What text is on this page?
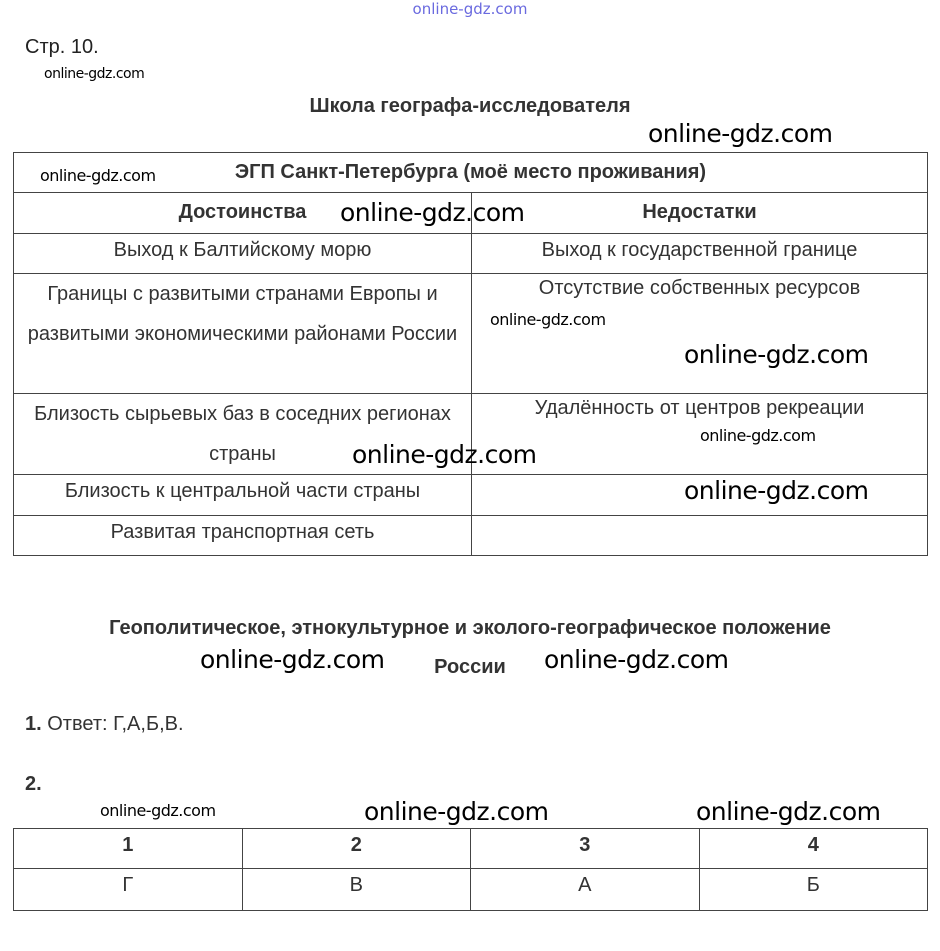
online-gdz.com
Стр. 10.
online-gdz.com
Школа географа-исследователя
ЭГП Санкт-Петербурга (моё место проживания)	
Достоинства	Недостатки
Выход к Балтийскому морю	Выход к государственной границе
Границы с развитыми странами Европы и развитыми экономическими районами России	Отсутствие собственных ресурсов
Близость сырьевых баз в соседних регионах страны	Удалённость от центров рекреации
Близость к центральной части страны	
Развитая транспортная сеть	
online-gdz.com
online-gdz.com
online-gdz.com
online-gdz.com
online-gdz.com
online-gdz.com
online-gdz.com
online-gdz.com
Геополитическое, этнокультурное и эколого-географическое положение
России
online-gdz.com	online-gdz.com
1. Ответ: Г,А,Б,В.
2.
online-gdz.com	online-gdz.com	online-gdz.com
1	2	3	4
Г	В	А	Б
